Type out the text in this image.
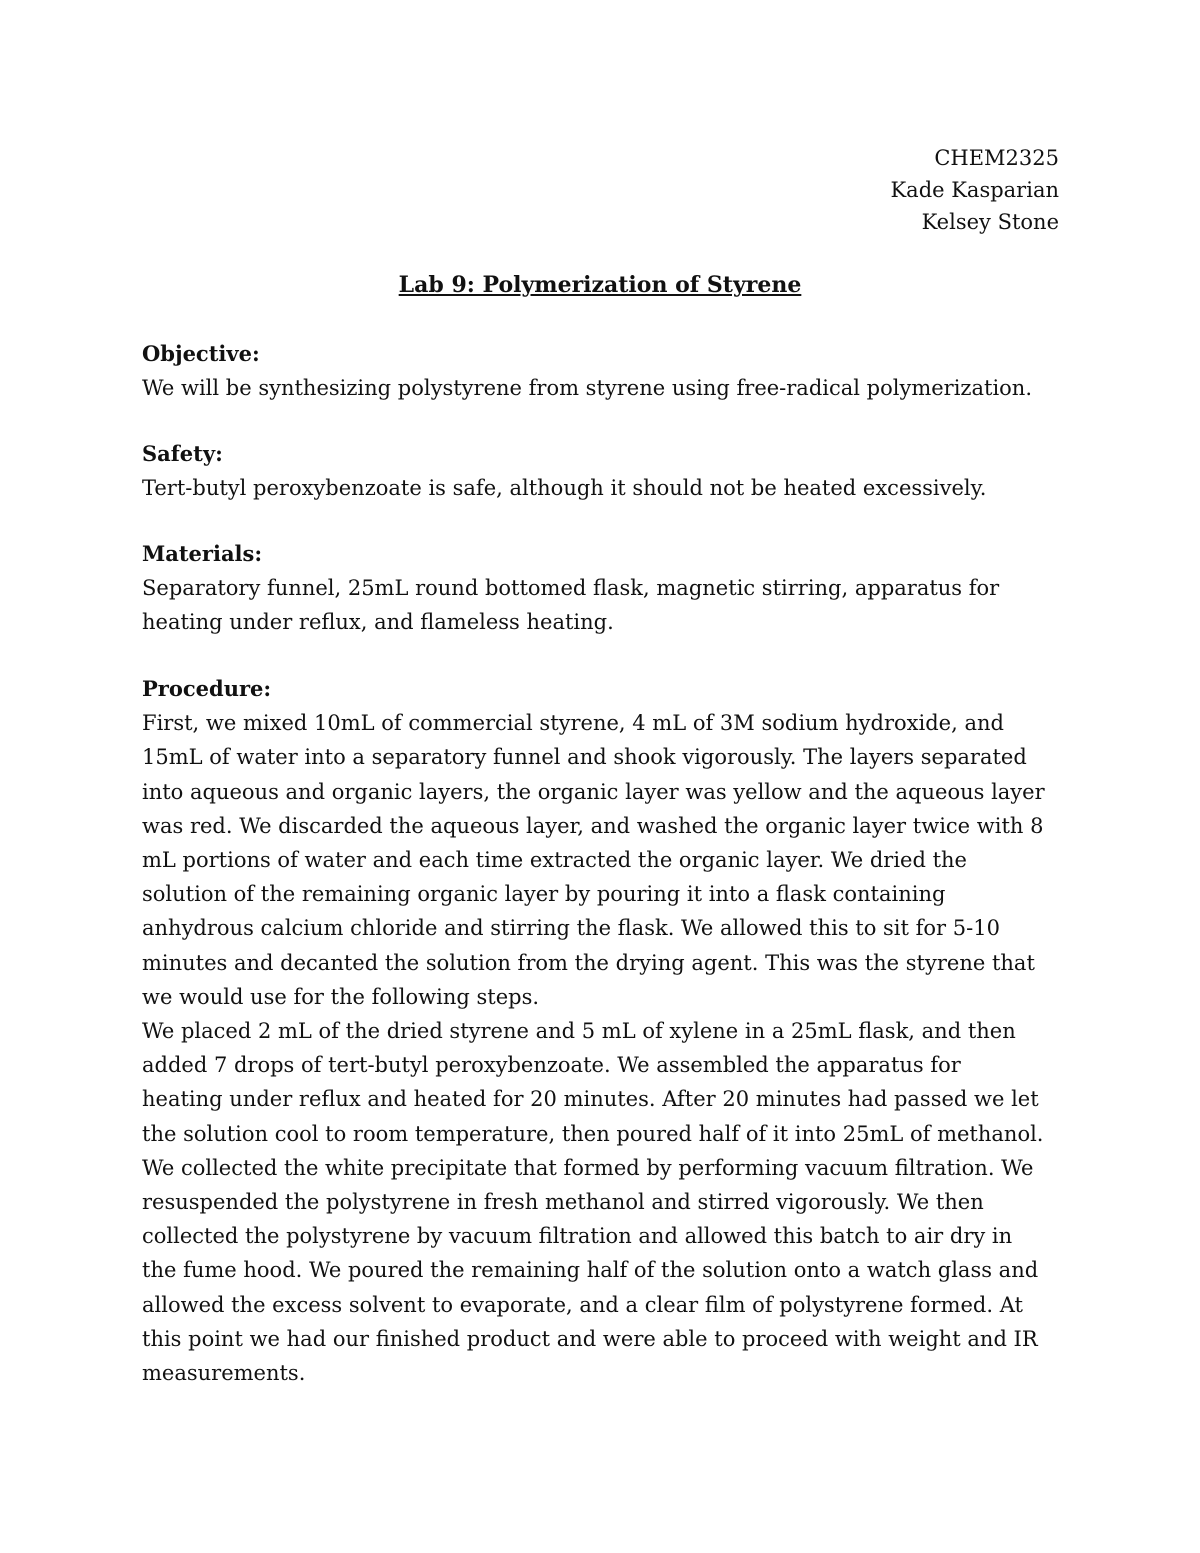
CHEM2325
Kade Kasparian
Kelsey Stone
Lab 9: Polymerization of Styrene
Objective:
We will be synthesizing polystyrene from styrene using free-radical polymerization.
Safety:
Tert-butyl peroxybenzoate is safe, although it should not be heated excessively.
Materials:
Separatory funnel, 25mL round bottomed flask, magnetic stirring, apparatus for
heating under reflux, and flameless heating.
Procedure:
First, we mixed 10mL of commercial styrene, 4 mL of 3M sodium hydroxide, and
15mL of water into a separatory funnel and shook vigorously. The layers separated
into aqueous and organic layers, the organic layer was yellow and the aqueous layer
was red. We discarded the aqueous layer, and washed the organic layer twice with 8
mL portions of water and each time extracted the organic layer. We dried the
solution of the remaining organic layer by pouring it into a flask containing
anhydrous calcium chloride and stirring the flask. We allowed this to sit for 5-10
minutes and decanted the solution from the drying agent. This was the styrene that
we would use for the following steps.
We placed 2 mL of the dried styrene and 5 mL of xylene in a 25mL flask, and then
added 7 drops of tert-butyl peroxybenzoate. We assembled the apparatus for
heating under reflux and heated for 20 minutes. After 20 minutes had passed we let
the solution cool to room temperature, then poured half of it into 25mL of methanol.
We collected the white precipitate that formed by performing vacuum filtration. We
resuspended the polystyrene in fresh methanol and stirred vigorously. We then
collected the polystyrene by vacuum filtration and allowed this batch to air dry in
the fume hood. We poured the remaining half of the solution onto a watch glass and
allowed the excess solvent to evaporate, and a clear film of polystyrene formed. At
this point we had our finished product and were able to proceed with weight and IR
measurements.
